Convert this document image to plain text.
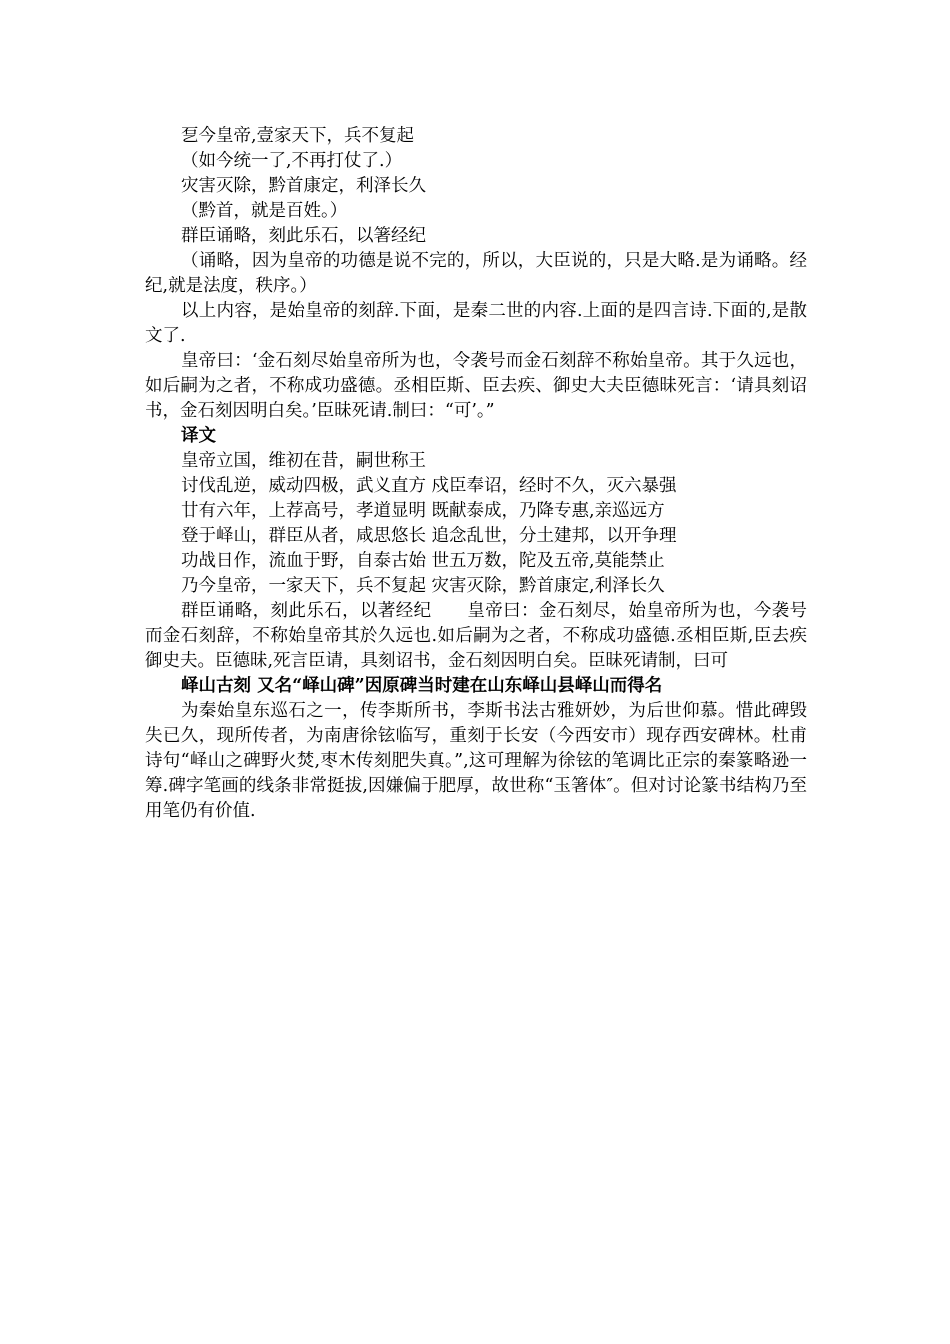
乭今皇帝,壹家天下，兵不复起

（如今统一了,不再打仗了.）

灾害灭除，黔首康定，利泽长久

（黔首，就是百姓。）

群臣诵略，刻此乐石，以箸经纪

（诵略，因为皇帝的功德是说不完的，所以，大臣说的，只是大略.是为诵略。经纪,就是法度，秩序。）

以上内容，是始皇帝的刻辞.下面，是秦二世的内容.上面的是四言诗.下面的,是散文了.

皇帝曰：‘金石刻尽始皇帝所为也，令袭号而金石刻辞不称始皇帝。其于久远也，如后嗣为之者，不称成功盛德。丞相臣斯、臣去疾、御史大夫臣德昧死言：‘请具刻诏书，金石刻因明白矣。’臣昧死请.制曰：“可’。”

译文

皇帝立国，维初在昔，嗣世称王

讨伐乱逆，威动四极，武义直方 戍臣奉诏，经时不久，灭六暴强

廿有六年，上荐高号，孝道显明 既献泰成，乃降专惠,亲巡远方

登于峄山，群臣从者，咸思悠长 追念乱世，分土建邦，以开争理

功战日作，流血于野，自泰古始 世五万数，陀及五帝,莫能禁止

乃今皇帝，一家天下，兵不复起 灾害灭除，黔首康定,利泽长久

群臣诵略，刻此乐石，以著经纪　　皇帝曰：金石刻尽，始皇帝所为也，今袭号而金石刻辞，不称始皇帝其於久远也.如后嗣为之者，不称成功盛德.丞相臣斯,臣去疾御史夫。臣德昧,死言臣请，具刻诏书，金石刻因明白矣。臣昧死请制，曰可

峄山古刻 又名“峄山碑”因原碑当时建在山东峄山县峄山而得名

为秦始皇东巡石之一，传李斯所书，李斯书法古雅妍妙，为后世仰慕。惜此碑毁失已久，现所传者，为南唐徐铉临写，重刻于长安（今西安市）现存西安碑林。杜甫诗句“峄山之碑野火焚,枣木传刻肥失真。”,这可理解为徐铉的笔调比正宗的秦篆略逊一筹.碑字笔画的线条非常挺拔,因嫌偏于肥厚，故世称“玉箸体″。但对讨论篆书结构乃至用笔仍有价值.
